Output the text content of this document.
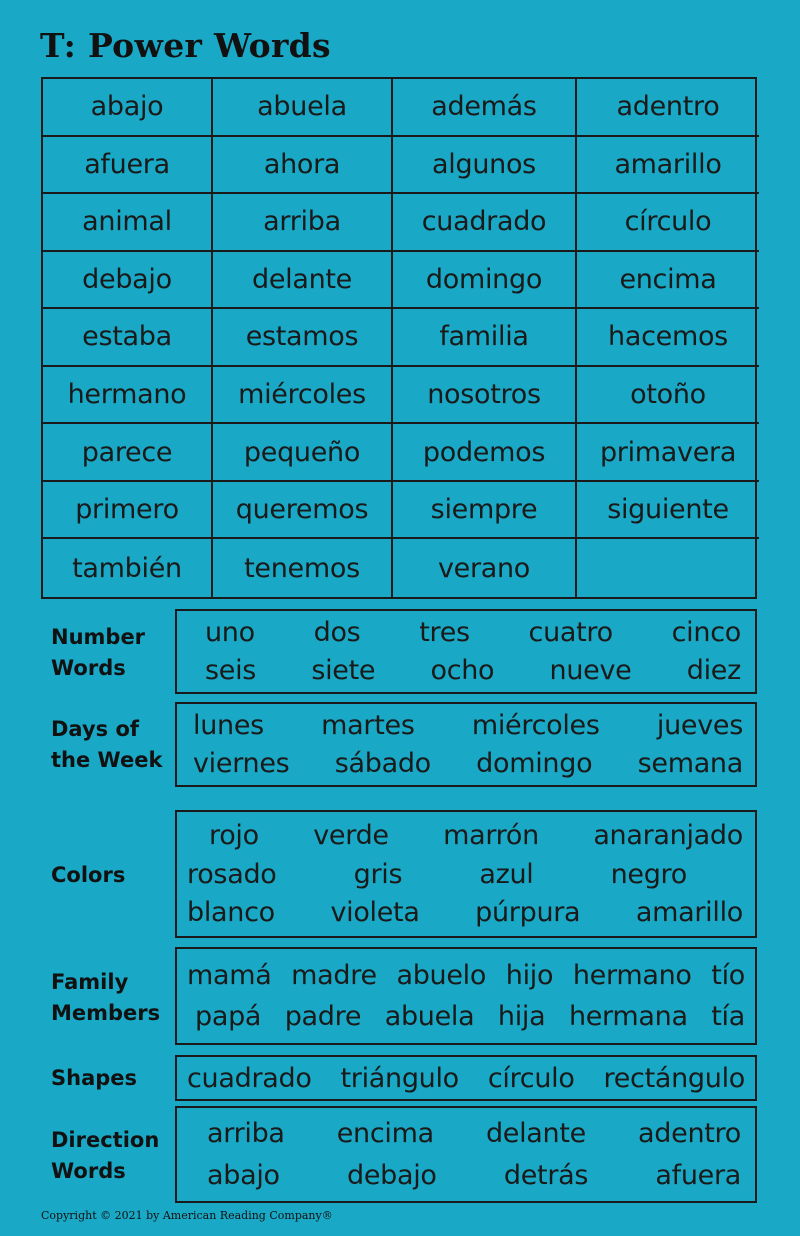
T: Power Words
abajo	abuela	además	adentro
afuera	ahora	algunos	amarillo
animal	arriba	cuadrado	círculo
debajo	delante	domingo	encima
estaba	estamos	familia	hacemos
hermano	miércoles	nosotros	otoño
parece	pequeño	podemos	primavera
primero	queremos	siempre	siguiente
también	tenemos	verano
Number
Words
uno dos tres cuatro cinco
seis siete ocho nueve diez
Days of
the Week
lunes martes miércoles jueves
viernes sábado domingo semana
Colors
rojo verde marrón anaranjado
rosado	gris	azul	negro
blanco violeta púrpura amarillo
Family
Members
mamá madre abuelo hijo hermano tío
papá padre abuela hija hermana tía
Shapes cuadrado triángulo círculo rectángulo
Direction
Words
arriba encima delante adentro
abajo debajo detrás afuera
Copyright © 2021 by American Reading Company®
